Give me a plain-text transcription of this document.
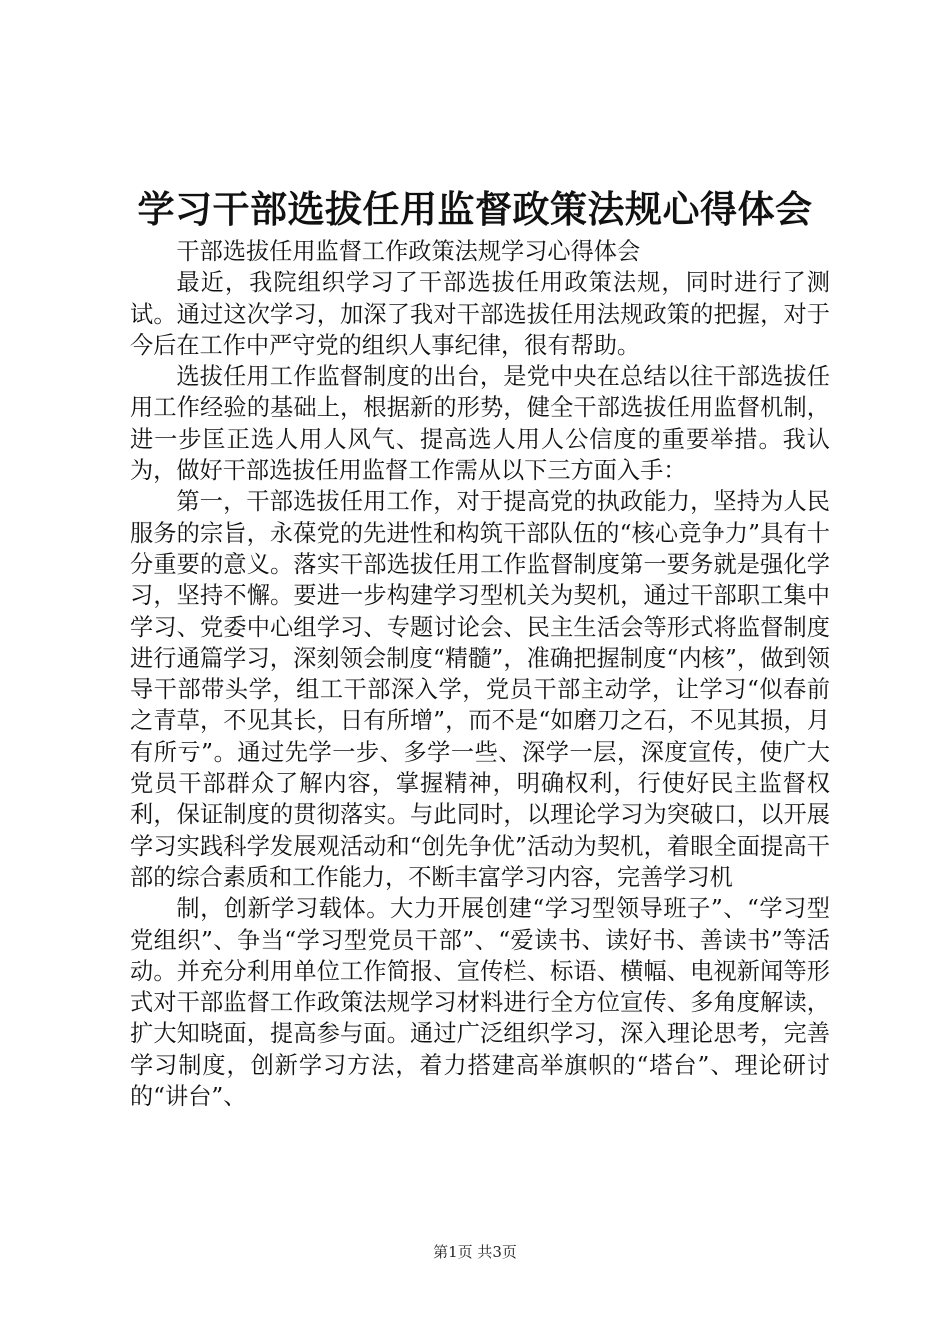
学习干部选拔任用监督政策法规心得体会

干部选拔任用监督工作政策法规学习心得体会

最近，我院组织学习了干部选拔任用政策法规，同时进行了测试。通过这次学习，加深了我对干部选拔任用法规政策的把握，对于今后在工作中严守党的组织人事纪律，很有帮助。

选拔任用工作监督制度的出台，是党中央在总结以往干部选拔任用工作经验的基础上，根据新的形势，健全干部选拔任用监督机制，进一步匡正选人用人风气、提高选人用人公信度的重要举措。我认为，做好干部选拔任用监督工作需从以下三方面入手：

第一，干部选拔任用工作，对于提高党的执政能力，坚持为人民服务的宗旨，永葆党的先进性和构筑干部队伍的“核心竞争力”具有十分重要的意义。落实干部选拔任用工作监督制度第一要务就是强化学习，坚持不懈。要进一步构建学习型机关为契机，通过干部职工集中学习、党委中心组学习、专题讨论会、民主生活会等形式将监督制度进行通篇学习，深刻领会制度“精髓”，准确把握制度“内核”，做到领导干部带头学，组工干部深入学，党员干部主动学，让学习“似春前之青草，不见其长，日有所增”，而不是“如磨刀之石，不见其损，月有所亏”。通过先学一步、多学一些、深学一层，深度宣传，使广大党员干部群众了解内容，掌握精神，明确权利，行使好民主监督权利，保证制度的贯彻落实。与此同时，以理论学习为突破口，以开展学习实践科学发展观活动和“创先争优”活动为契机，着眼全面提高干部的综合素质和工作能力，不断丰富学习内容，完善学习机

制，创新学习载体。大力开展创建“学习型领导班子”、“学习型党组织”、争当“学习型党员干部”、“爱读书、读好书、善读书”等活动。并充分利用单位工作简报、宣传栏、标语、横幅、电视新闻等形式对干部监督工作政策法规学习材料进行全方位宣传、多角度解读，扩大知晓面，提高参与面。通过广泛组织学习，深入理论思考，完善学习制度，创新学习方法，着力搭建高举旗帜的“塔台”、理论研讨的“讲台”、

第1页 共3页
